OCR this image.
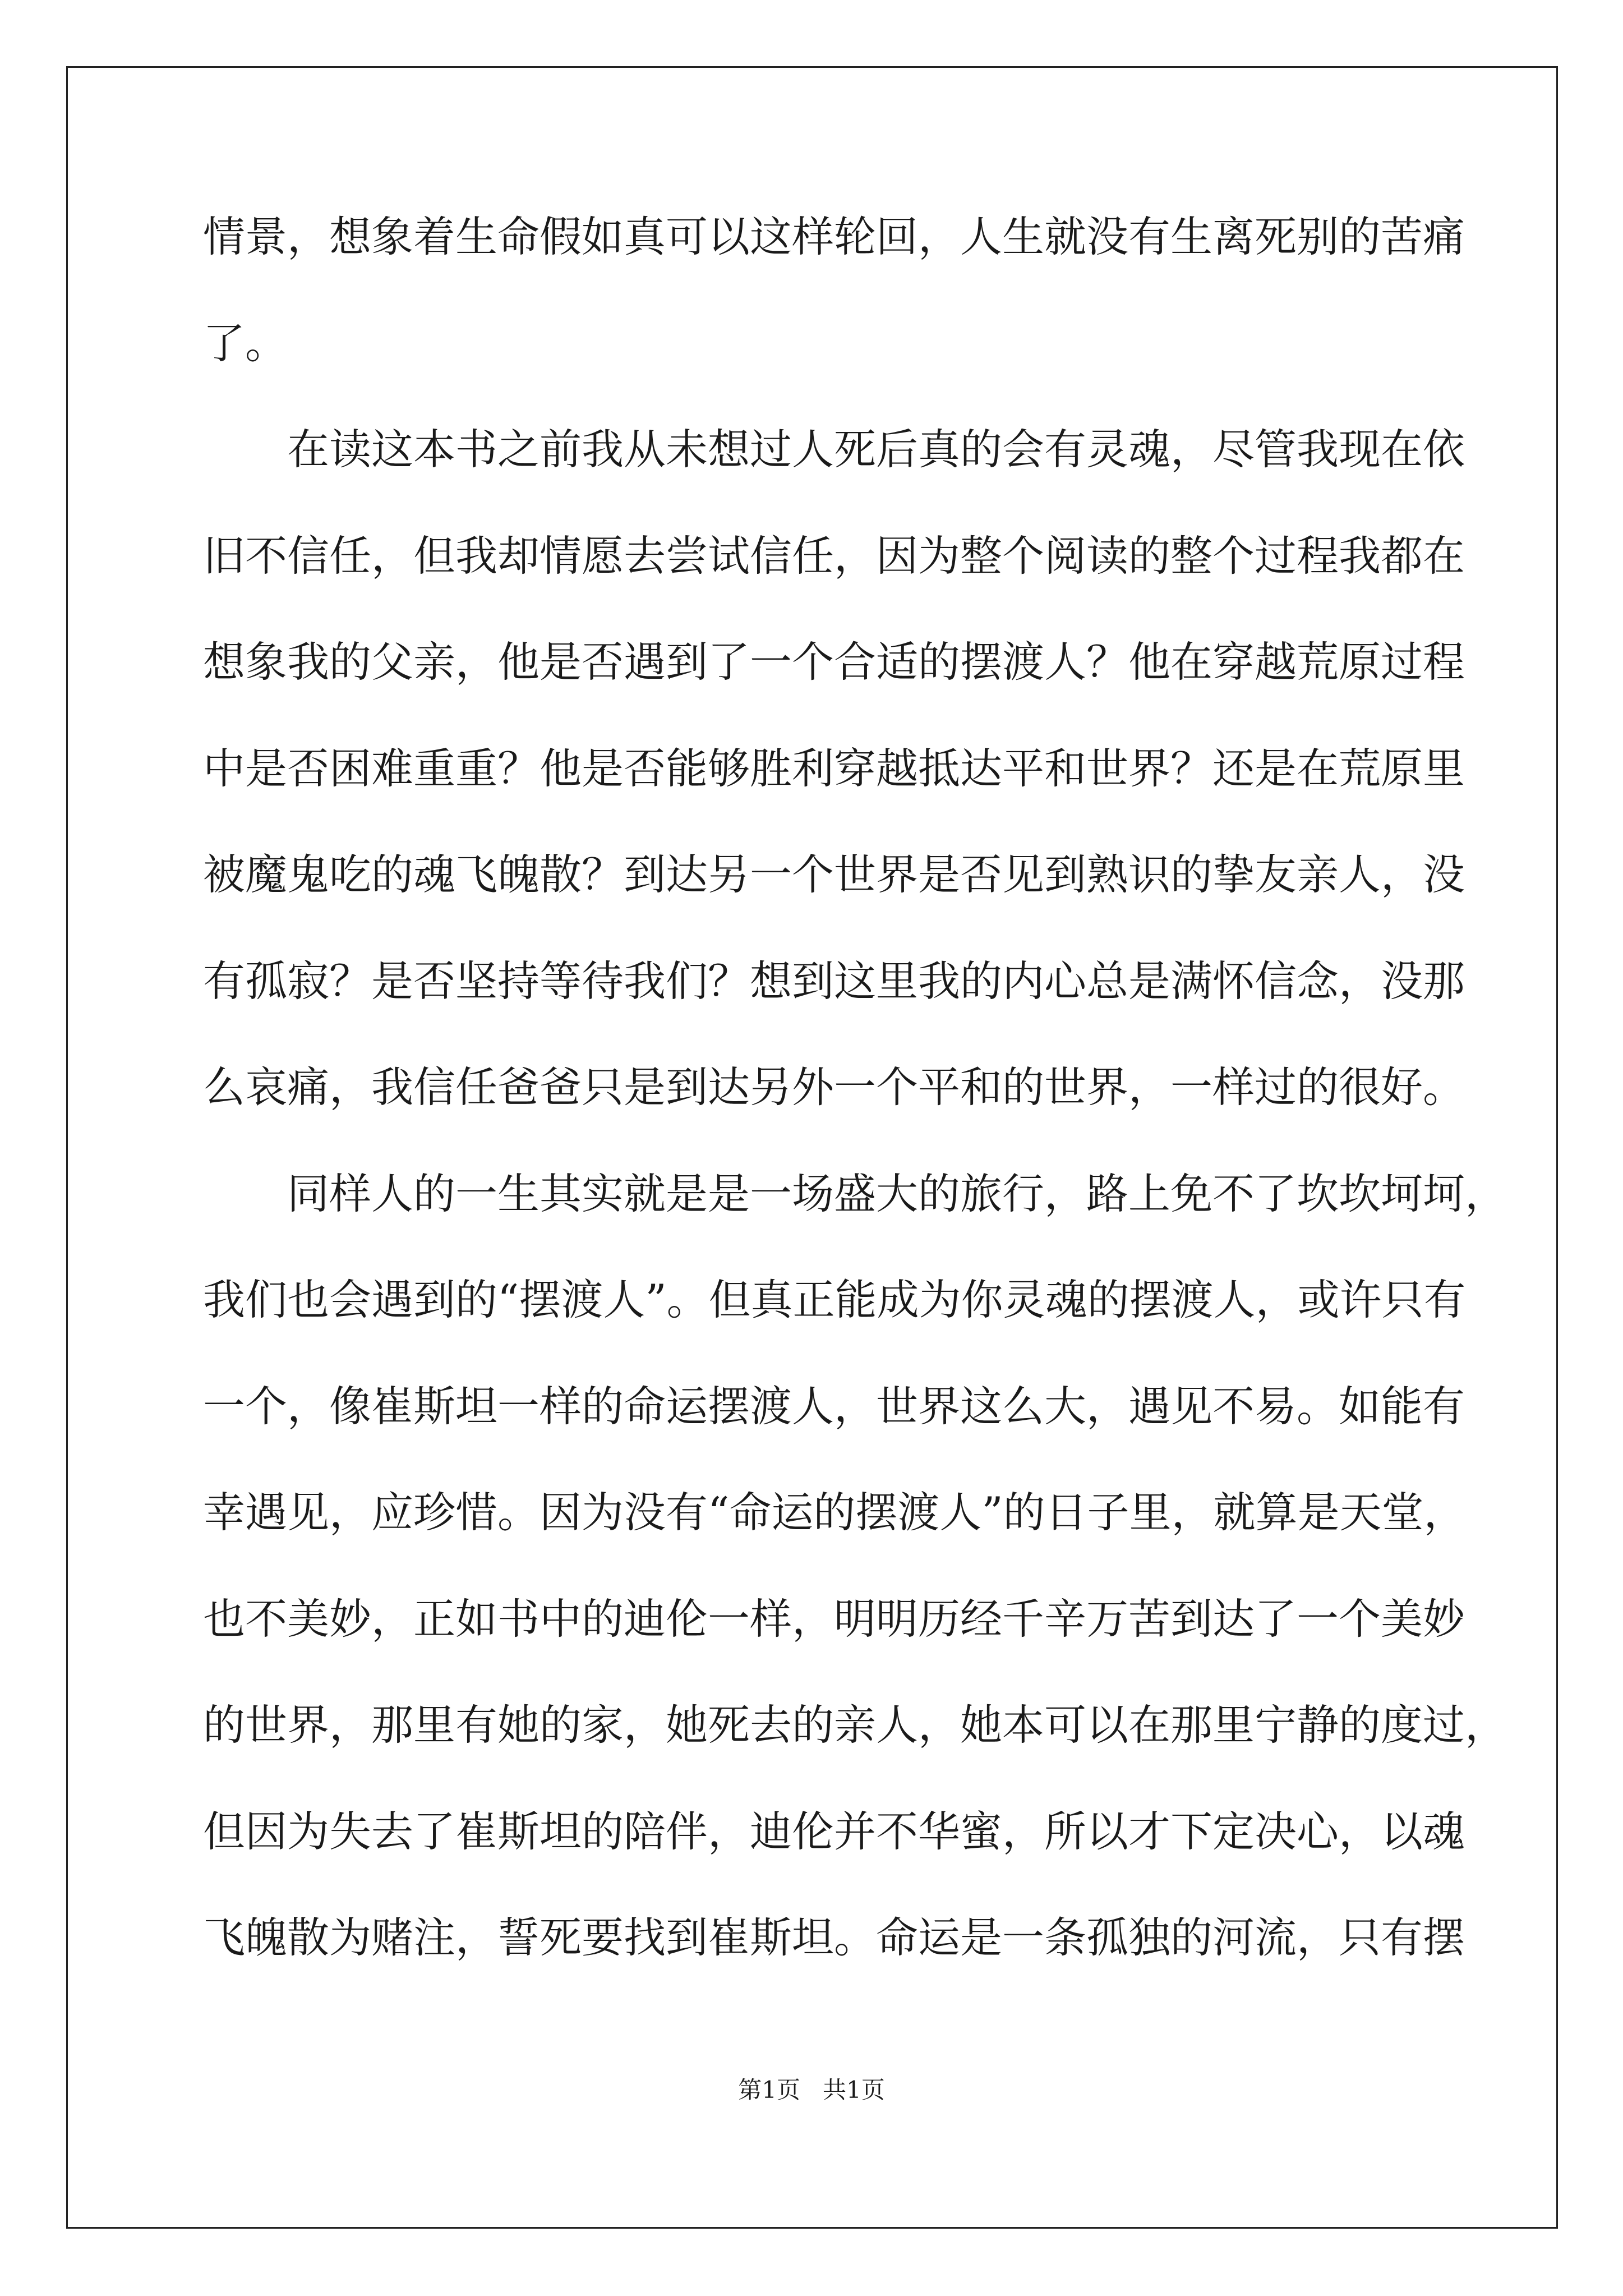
情景，想象着生命假如真可以这样轮回，人生就没有生离死别的苦痛
了。
在读这本书之前我从未想过人死后真的会有灵魂，尽管我现在依
旧不信任，但我却情愿去尝试信任，因为整个阅读的整个过程我都在
想象我的父亲，他是否遇到了一个合适的摆渡人？他在穿越荒原过程
中是否困难重重？他是否能够胜利穿越抵达平和世界？还是在荒原里
被魔鬼吃的魂飞魄散？到达另一个世界是否见到熟识的挚友亲人，没
有孤寂？是否坚持等待我们？想到这里我的内心总是满怀信念，没那
么哀痛，我信任爸爸只是到达另外一个平和的世界，一样过的很好。
同样人的一生其实就是是一场盛大的旅行，路上免不了坎坎坷坷，
我们也会遇到的“摆渡人”。但真正能成为你灵魂的摆渡人，或许只有
一个，像崔斯坦一样的命运摆渡人，世界这么大，遇见不易。如能有
幸遇见，应珍惜。因为没有“命运的摆渡人”的日子里，就算是天堂，
也不美妙，正如书中的迪伦一样，明明历经千辛万苦到达了一个美妙
的世界，那里有她的家，她死去的亲人，她本可以在那里宁静的度过，
但因为失去了崔斯坦的陪伴，迪伦并不华蜜，所以才下定决心，以魂
飞魄散为赌注，誓死要找到崔斯坦。命运是一条孤独的河流，只有摆
第1页 共1页
